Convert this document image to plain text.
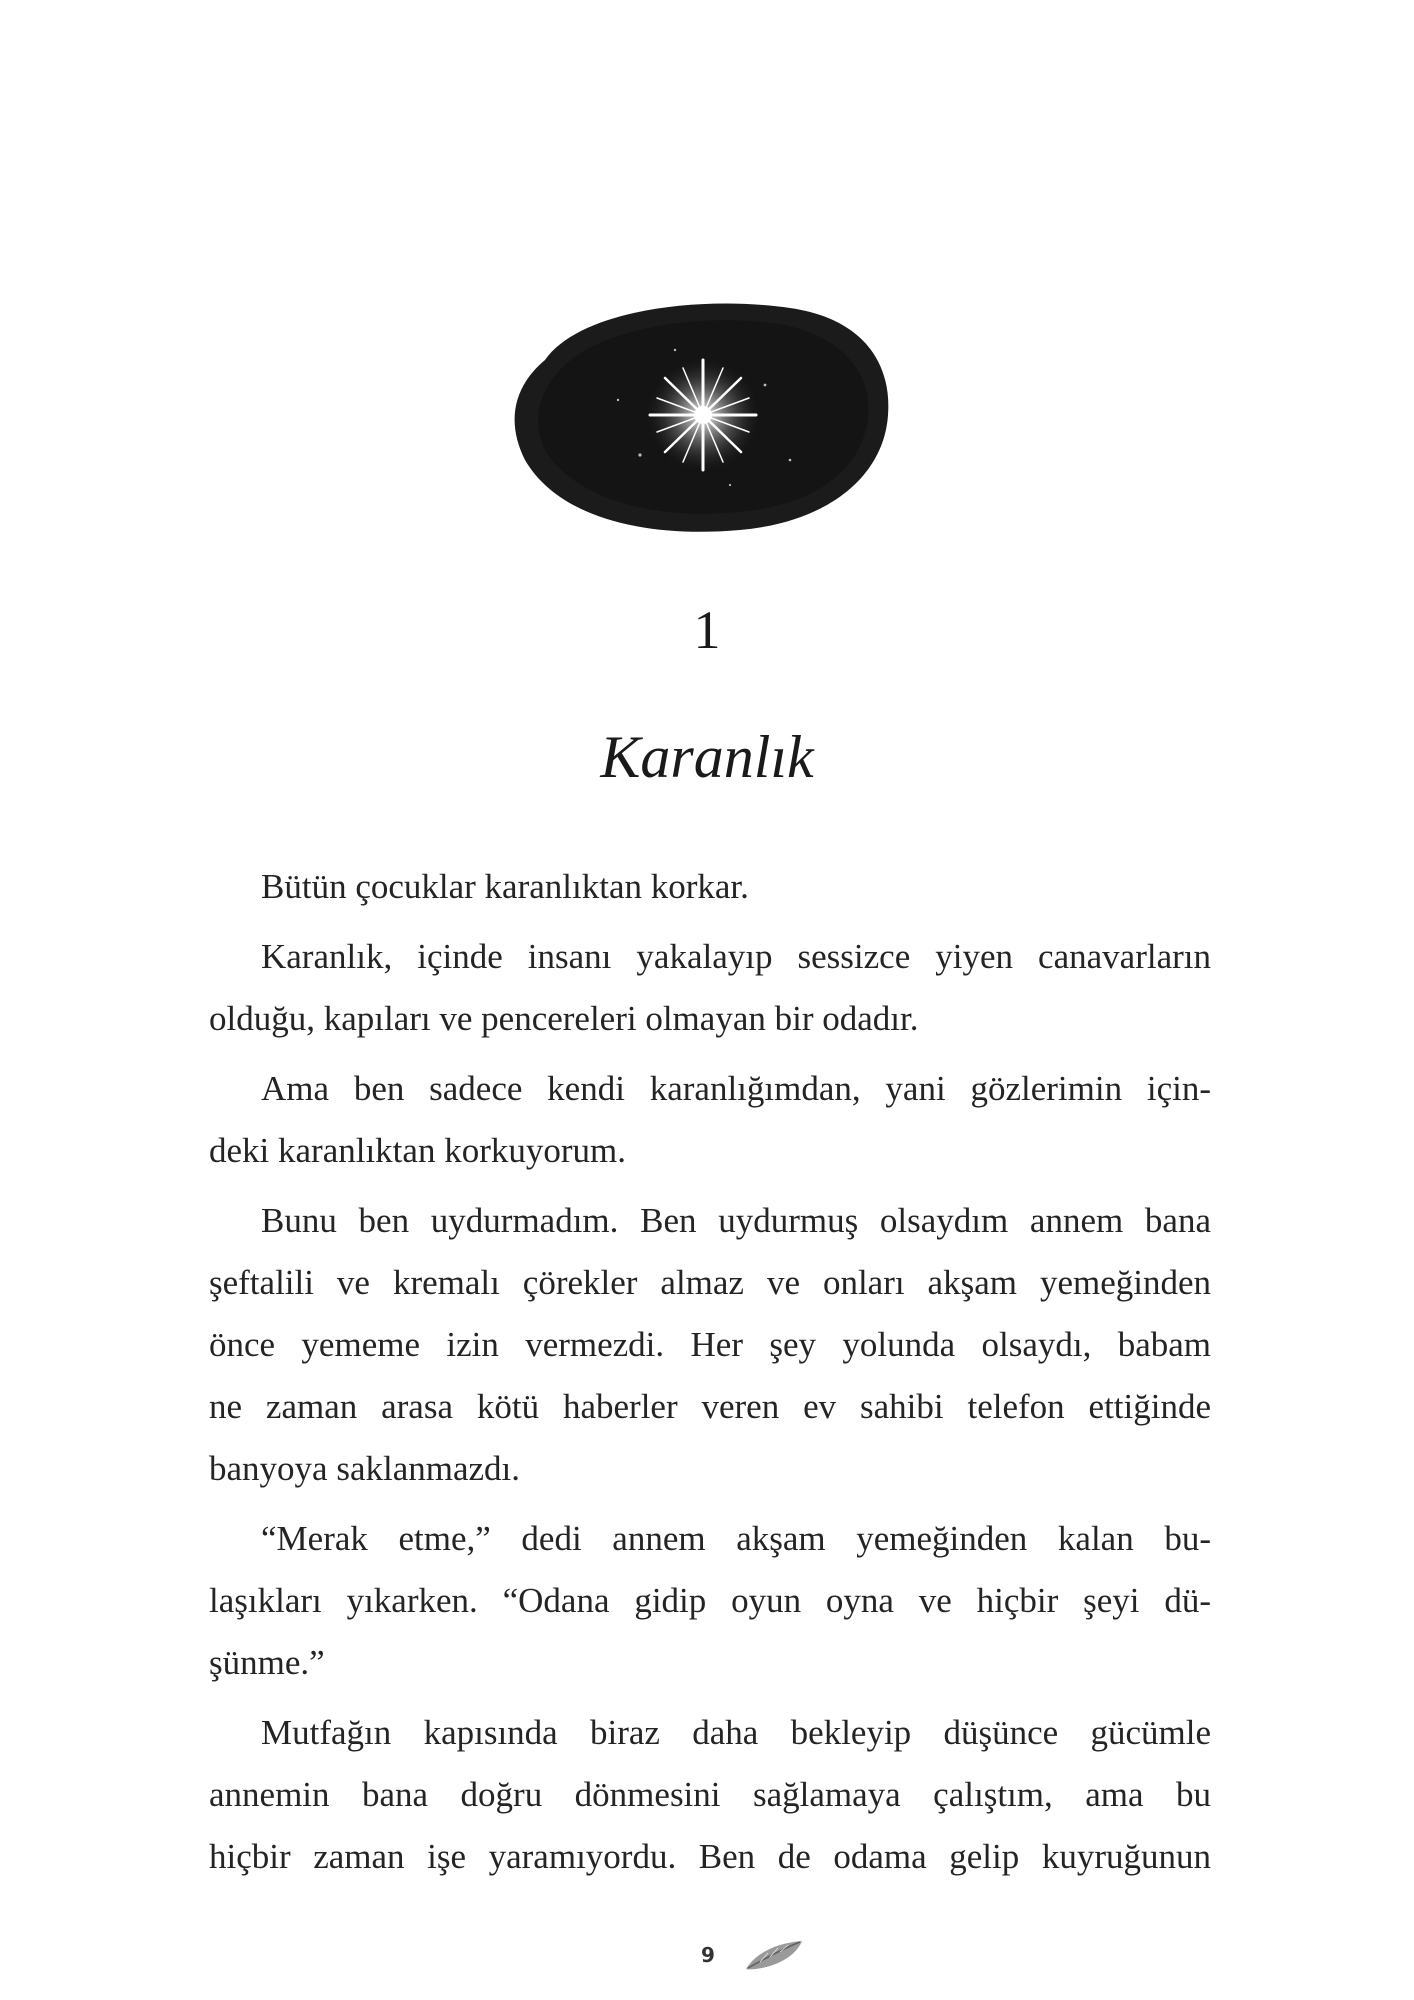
1
Karanlık
Bütün çocuklar karanlıktan korkar.
Karanlık, içinde insanı yakalayıp sessizce yiyen canavarların
olduğu, kapıları ve pencereleri olmayan bir odadır.
Ama ben sadece kendi karanlığımdan, yani gözlerimin için-
deki karanlıktan korkuyorum.
Bunu ben uydurmadım. Ben uydurmuş olsaydım annem bana
şeftalili ve kremalı çörekler almaz ve onları akşam yemeğinden
önce yememe izin vermezdi. Her şey yolunda olsaydı, babam
ne zaman arasa kötü haberler veren ev sahibi telefon ettiğinde
banyoya saklanmazdı.
“Merak etme,” dedi annem akşam yemeğinden kalan bu-
laşıkları yıkarken. “Odana gidip oyun oyna ve hiçbir şeyi dü-
şünme.”
Mutfağın kapısında biraz daha bekleyip düşünce gücümle
annemin bana doğru dönmesini sağlamaya çalıştım, ama bu
hiçbir zaman işe yaramıyordu. Ben de odama gelip kuyruğunun
9
